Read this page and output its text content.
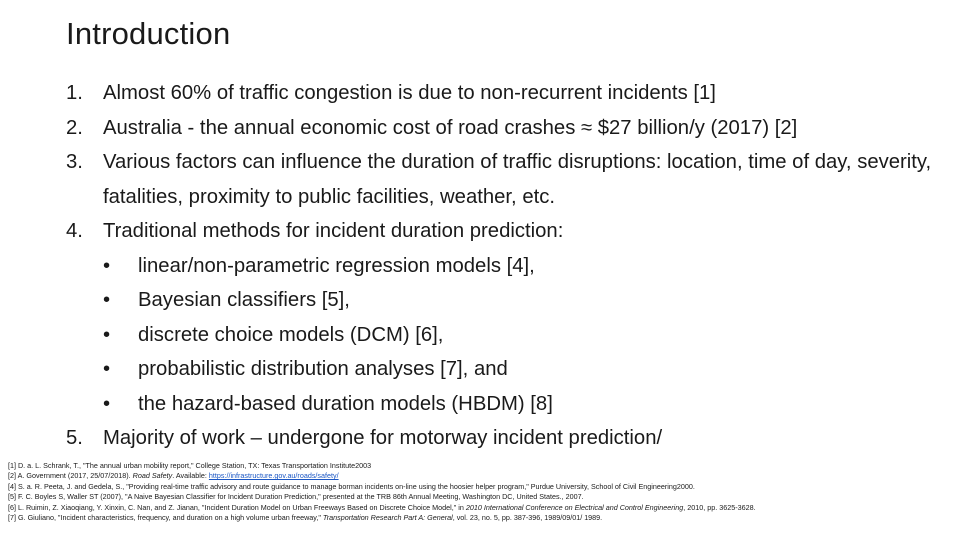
Introduction
1. Almost 60% of traffic congestion is due to non-recurrent incidents [1]
2. Australia - the annual economic cost of road crashes ≈ $27 billion/y (2017) [2]
3. Various factors can influence the duration of traffic disruptions: location, time of day, severity, fatalities, proximity to public facilities, weather, etc.
4. Traditional methods for incident duration prediction:
• linear/non-parametric regression models [4],
• Bayesian classifiers [5],
• discrete choice models (DCM) [6],
• probabilistic distribution analyses [7], and
• the hazard-based duration models (HBDM) [8]
5. Majority of work – undergone for motorway incident prediction/
[1] D. a. L. Schrank, T., "The annual urban mobility report," College Station, TX: Texas Transportation Institute2003
[2] A. Government (2017, 25/07/2018). Road Safety. Available: https://infrastructure.gov.au/roads/safety/
[4] S. a. R. Peeta, J. and Gedela, S., "Providing real-time traffic advisory and route guidance to manage borman incidents on-line using the hoosier helper program," Purdue University, School of Civil Engineering2000.
[5] F. C. Boyles S, Waller ST (2007), "A Naive Bayesian Classifier for Incident Duration Prediction," presented at the TRB 86th Annual Meeting, Washington DC, United States., 2007.
[6] L. Ruimin, Z. Xiaoqiang, Y. Xinxin, C. Nan, and Z. Jianan, "Incident Duration Model on Urban Freeways Based on Discrete Choice Model," in 2010 International Conference on Electrical and Control Engineering, 2010, pp. 3625-3628.
[7] G. Giuliano, "Incident characteristics, frequency, and duration on a high volume urban freeway," Transportation Research Part A: General, vol. 23, no. 5, pp. 387-396, 1989/09/01/ 1989.
